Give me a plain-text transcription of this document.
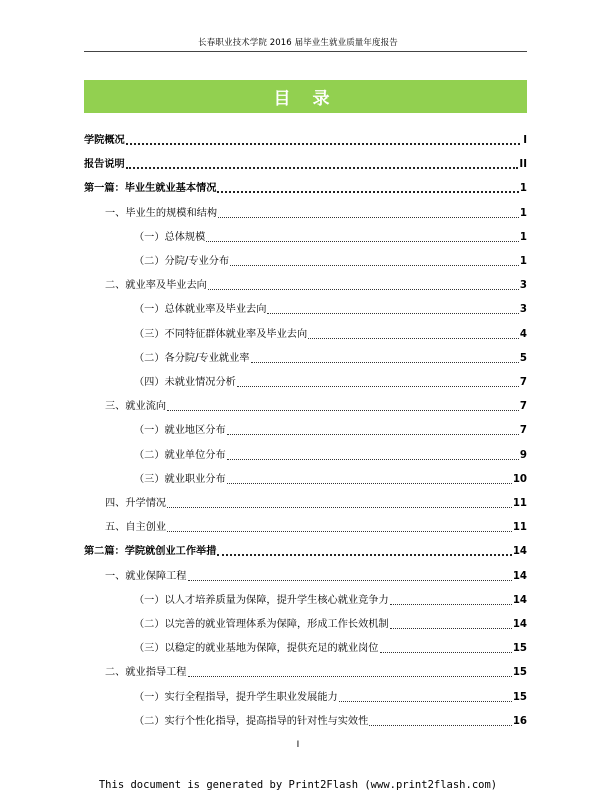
长春职业技术学院 2016 届毕业生就业质量年度报告
目 录
学院概况	I
报告说明	II
第一篇：毕业生就业基本情况	1
一、毕业生的规模和结构	1
（一）总体规模	1
（二）分院/专业分布	1
二、就业率及毕业去向	3
（一）总体就业率及毕业去向	3
（三）不同特征群体就业率及毕业去向	4
（二）各分院/专业就业率	5
（四）未就业情况分析	7
三、就业流向	7
（一）就业地区分布	7
（二）就业单位分布	9
（三）就业职业分布	10
四、升学情况	11
五、自主创业	11
第二篇：学院就创业工作举措	14
一、就业保障工程	14
（一）以人才培养质量为保障，提升学生核心就业竞争力	14
（二）以完善的就业管理体系为保障，形成工作长效机制	14
（三）以稳定的就业基地为保障，提供充足的就业岗位	15
二、就业指导工程	15
（一）实行全程指导，提升学生职业发展能力	15
（二）实行个性化指导，提高指导的针对性与实效性	16
I
This document is generated by Print2Flash (www.print2flash.com)
